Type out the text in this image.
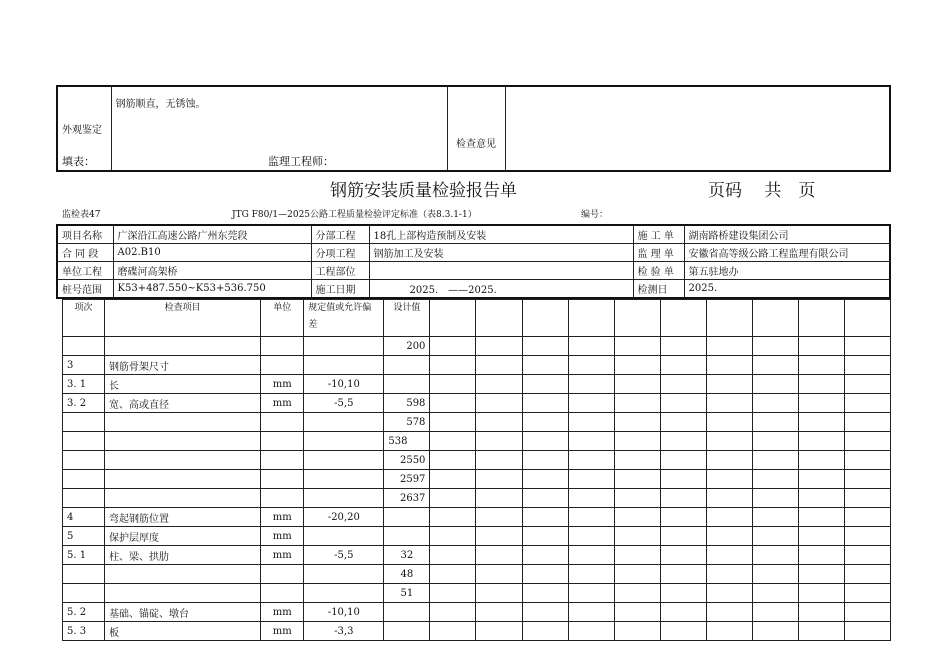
外观鉴定	钢筋顺直，无锈蚀。	检查意见	
填表：	监理工程师：
钢筋安装质量检验报告单	页码　 共　页
监检表47	JTG F80/1—2025公路工程质量检验评定标准（表8.3.1-1）	编号：
项目名称	广深沿江高速公路广州东莞段	分部工程	18孔上部构造预制及安装	施 工 单	湖南路桥建设集团公司
合 同 段	A02.B10	分项工程	钢筋加工及安装	监 理 单	安徽省高等级公路工程监理有限公司
单位工程	磨碟河高架桥	工程部位		检 验 单	第五驻地办
桩号范围	K53+487.550~K53+536.750	施工日期	2025.　——2025.	检测日	2025.
项次	检查项目	单位	规定值或允许偏差	设计值										
				200										
3	钢筋骨架尺寸													
3. 1	长	mm	-10,10											
3. 2	宽、高或直径	mm	-5,5	598										
				578										
				538										
				2550										
				2597										
				2637										
4	弯起钢筋位置	mm	-20,20											
5	保护层厚度	mm												
5. 1	柱、梁、拱肋	mm	-5,5	32										
				48										
				51										
5. 2	基础、锚碇、墩台	mm	-10,10											
5. 3	板	mm	-3,3											
